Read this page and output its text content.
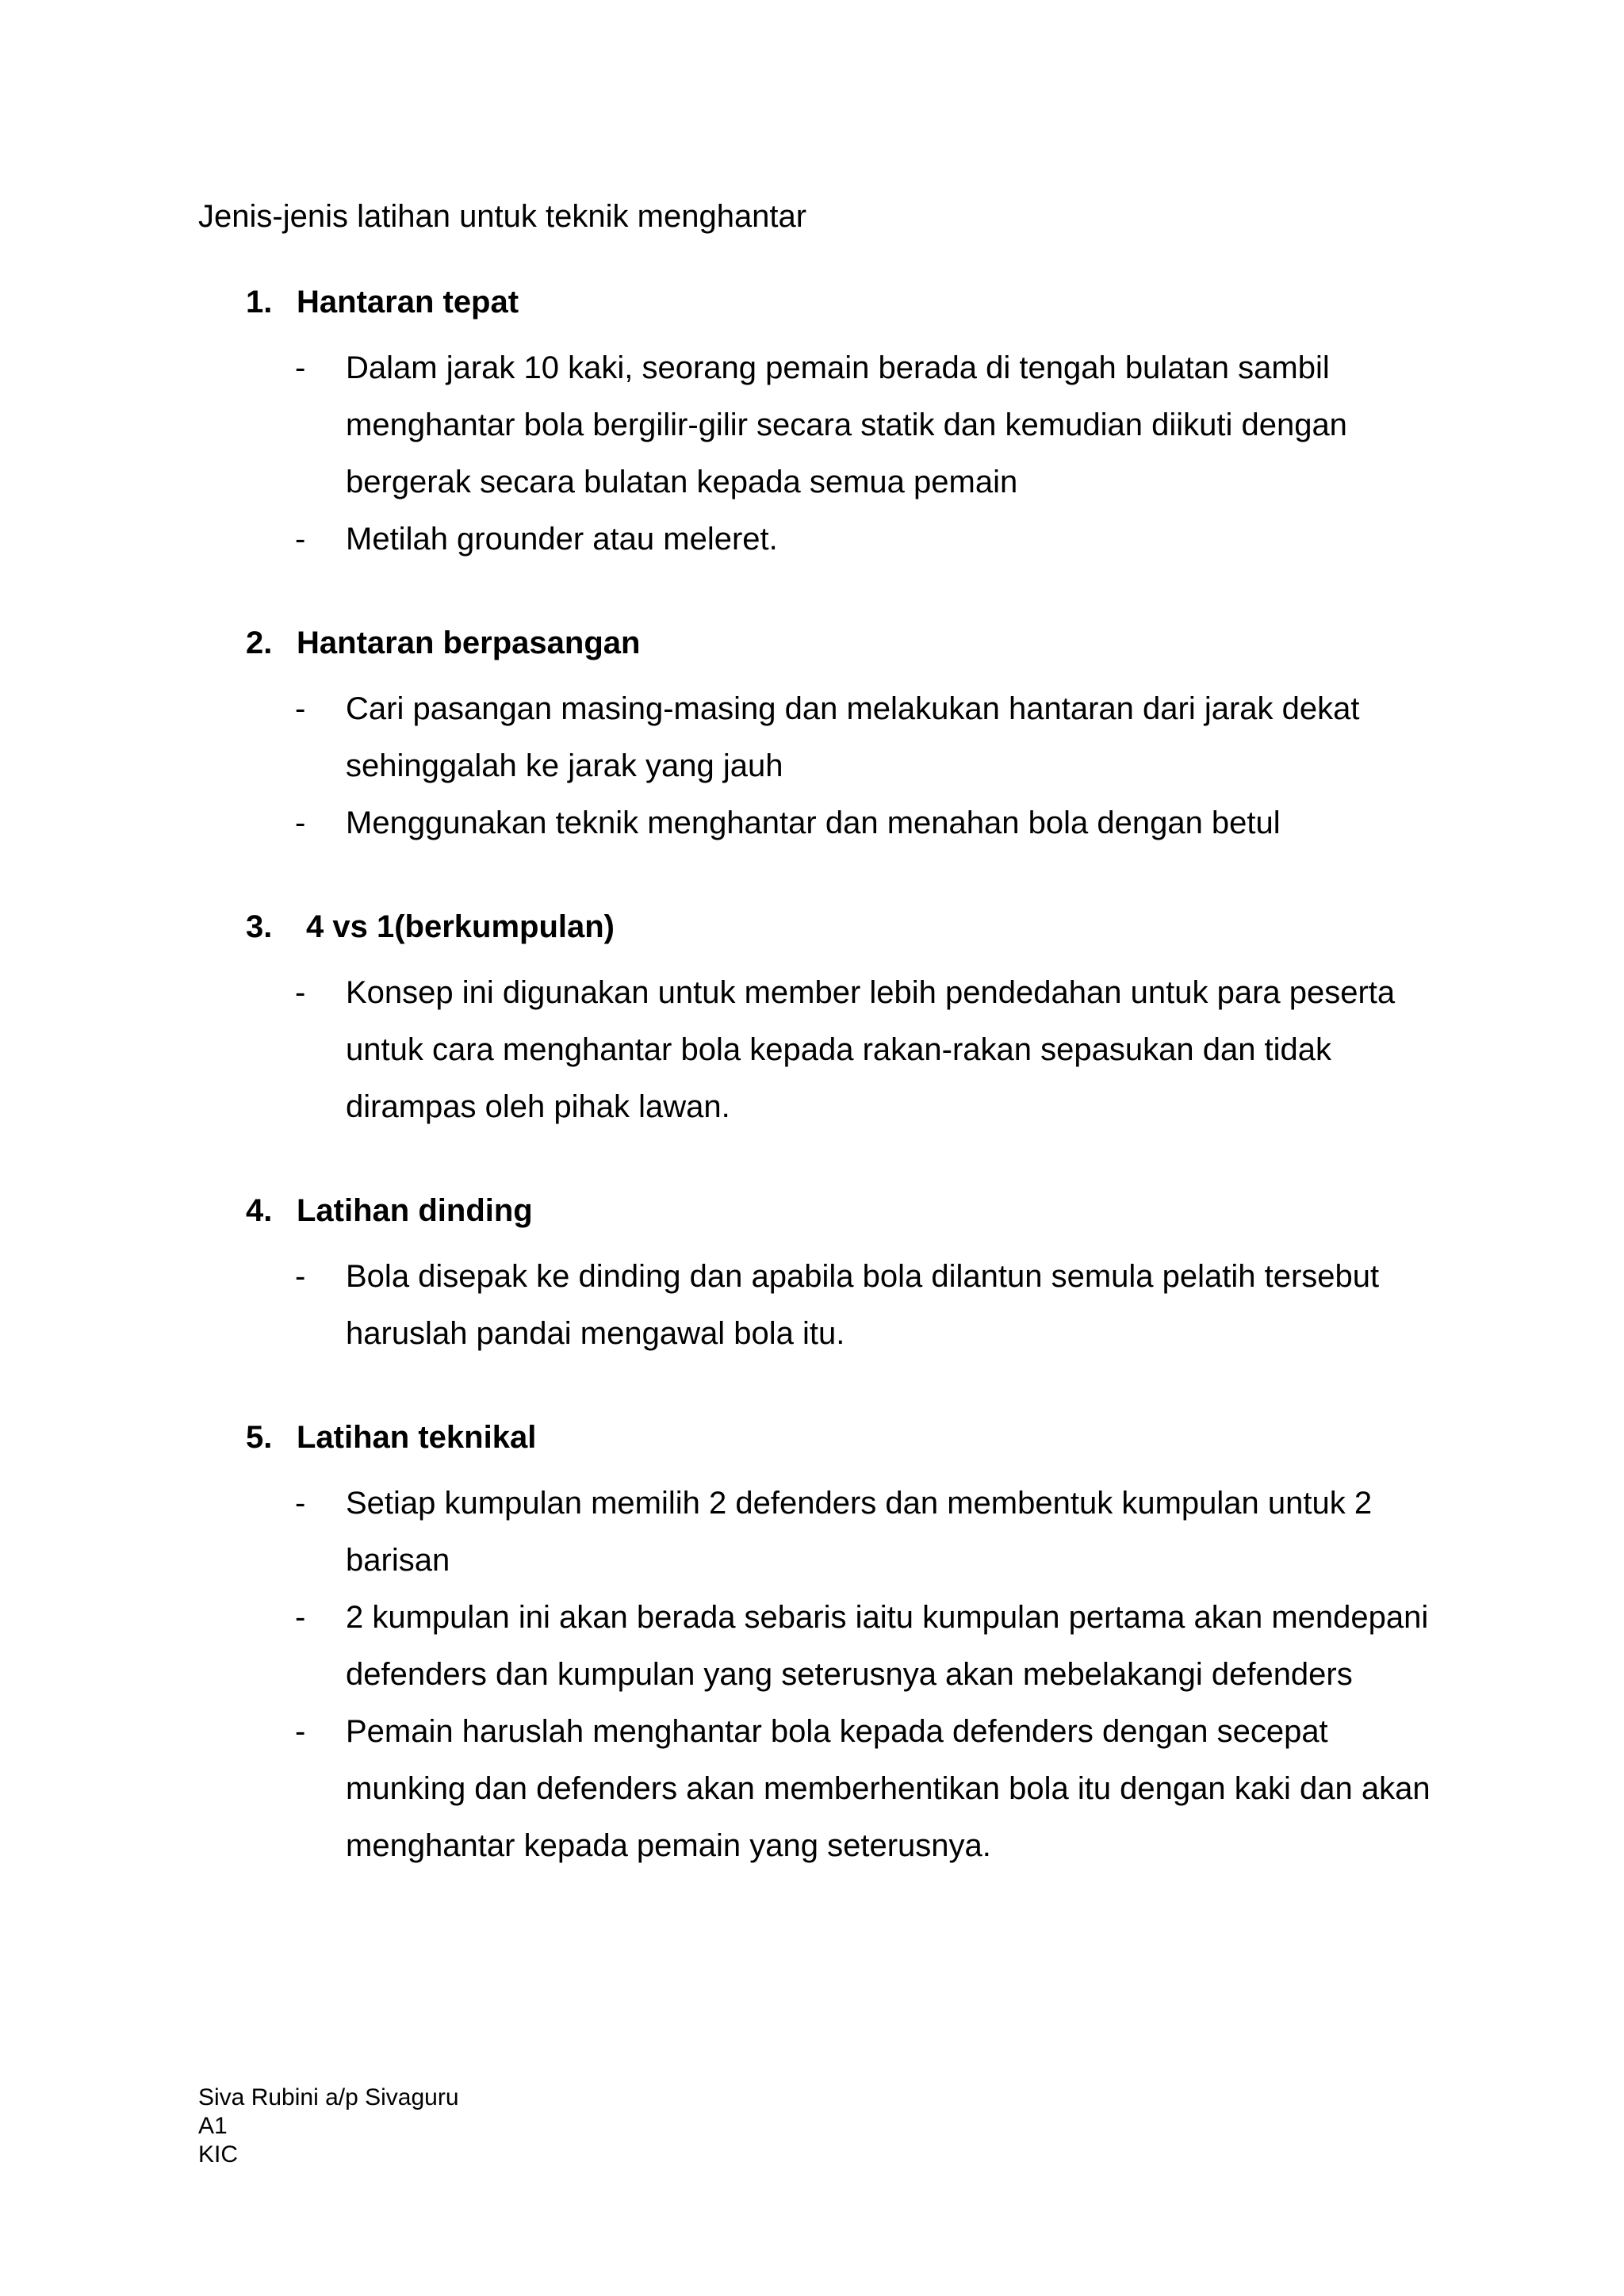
Jenis-jenis latihan untuk teknik menghantar

1. Hantaran tepat
- Dalam jarak 10 kaki, seorang pemain berada di tengah bulatan sambil menghantar bola bergilir-gilir secara statik dan kemudian diikuti dengan bergerak secara bulatan kepada semua pemain
- Metilah grounder atau meleret.
2. Hantaran berpasangan
- Cari pasangan masing-masing dan melakukan hantaran dari jarak dekat sehinggalah ke jarak yang jauh
- Menggunakan teknik menghantar dan menahan bola dengan betul
3. 4 vs 1(berkumpulan)
- Konsep ini digunakan untuk member lebih pendedahan untuk para peserta untuk cara menghantar bola kepada rakan-rakan sepasukan dan tidak dirampas oleh pihak lawan.
4. Latihan dinding
- Bola disepak ke dinding dan apabila bola dilantun semula pelatih tersebut haruslah pandai mengawal bola itu.
5. Latihan teknikal
- Setiap kumpulan memilih 2 defenders dan membentuk kumpulan untuk 2 barisan
- 2 kumpulan ini akan berada sebaris iaitu kumpulan pertama akan mendepani defenders dan kumpulan yang seterusnya akan mebelakangi defenders
- Pemain haruslah menghantar bola kepada defenders dengan secepat munking dan defenders akan memberhentikan bola itu dengan kaki dan akan menghantar kepada pemain yang seterusnya.
Siva Rubini a/p Sivaguru
A1
KIC
